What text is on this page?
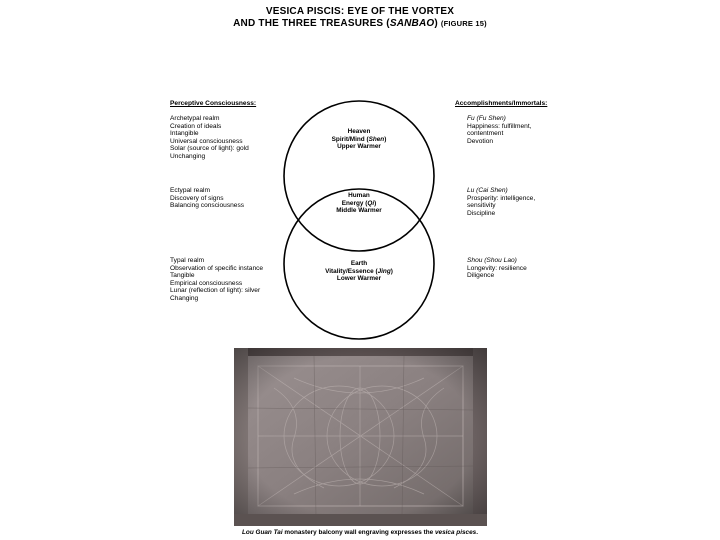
VESICA PISCIS: EYE OF THE VORTEX
AND THE THREE TREASURES (SANBAO) (FIGURE 15)
Heaven
Spirit/Mind (Shen)
Upper Warmer
Human
Energy (Qi)
Middle Warmer
Earth
Vitality/Essence (Jing)
Lower Warmer
Perceptive Consciousness:

Archetypal realm

Creation of ideals

Intangible

Universal consciousness

Solar (source of light): gold

Unchanging

Ectypal realm

Discovery of signs

Balancing consciousness

Typal realm

Observation of specific instance

Tangible

Empirical consciousness

Lunar (reflection of light): silver

Changing

Accomplishments/Immortals:

Fu (Fu Shen)

Happiness: fulfillment,

contentment

Devotion

Lu (Cai Shen)

Prosperity: intelligence,

sensitivity

Discipline

Shou (Shou Lao)

Longevity: resilience

Diligence

Lou Guan Tai monastery balcony wall engraving expresses the vesica pisces.
